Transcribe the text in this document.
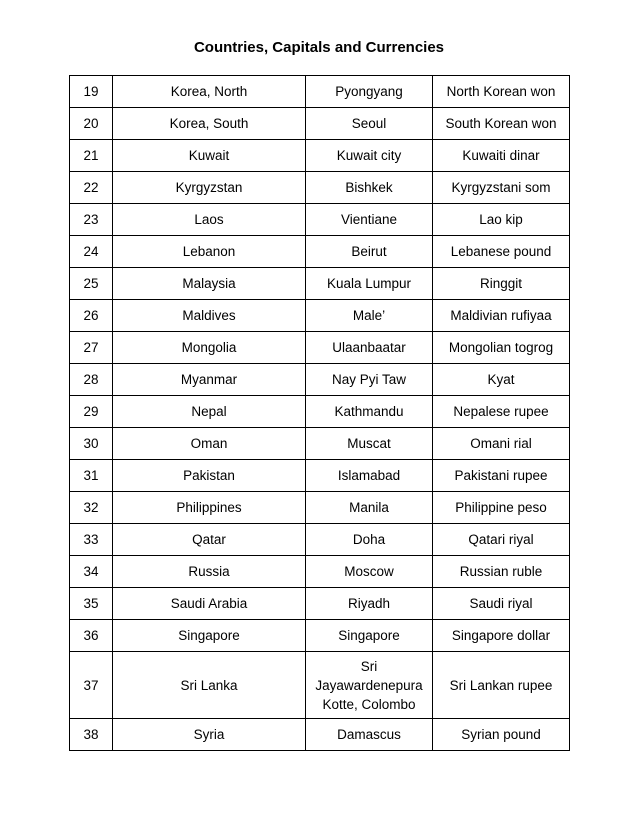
Countries, Capitals and Currencies
19	Korea, North	Pyongyang	North Korean won
20	Korea, South	Seoul	South Korean won
21	Kuwait	Kuwait city	Kuwaiti dinar
22	Kyrgyzstan	Bishkek	Kyrgyzstani som
23	Laos	Vientiane	Lao kip
24	Lebanon	Beirut	Lebanese pound
25	Malaysia	Kuala Lumpur	Ringgit
26	Maldives	Male’	Maldivian rufiyaa
27	Mongolia	Ulaanbaatar	Mongolian togrog
28	Myanmar	Nay Pyi Taw	Kyat
29	Nepal	Kathmandu	Nepalese rupee
30	Oman	Muscat	Omani rial
31	Pakistan	Islamabad	Pakistani rupee
32	Philippines	Manila	Philippine peso
33	Qatar	Doha	Qatari riyal
34	Russia	Moscow	Russian ruble
35	Saudi Arabia	Riyadh	Saudi riyal
36	Singapore	Singapore	Singapore dollar
37	Sri Lanka	Sri
Jayawardenepura
Kotte, Colombo	Sri Lankan rupee
38	Syria	Damascus	Syrian pound
